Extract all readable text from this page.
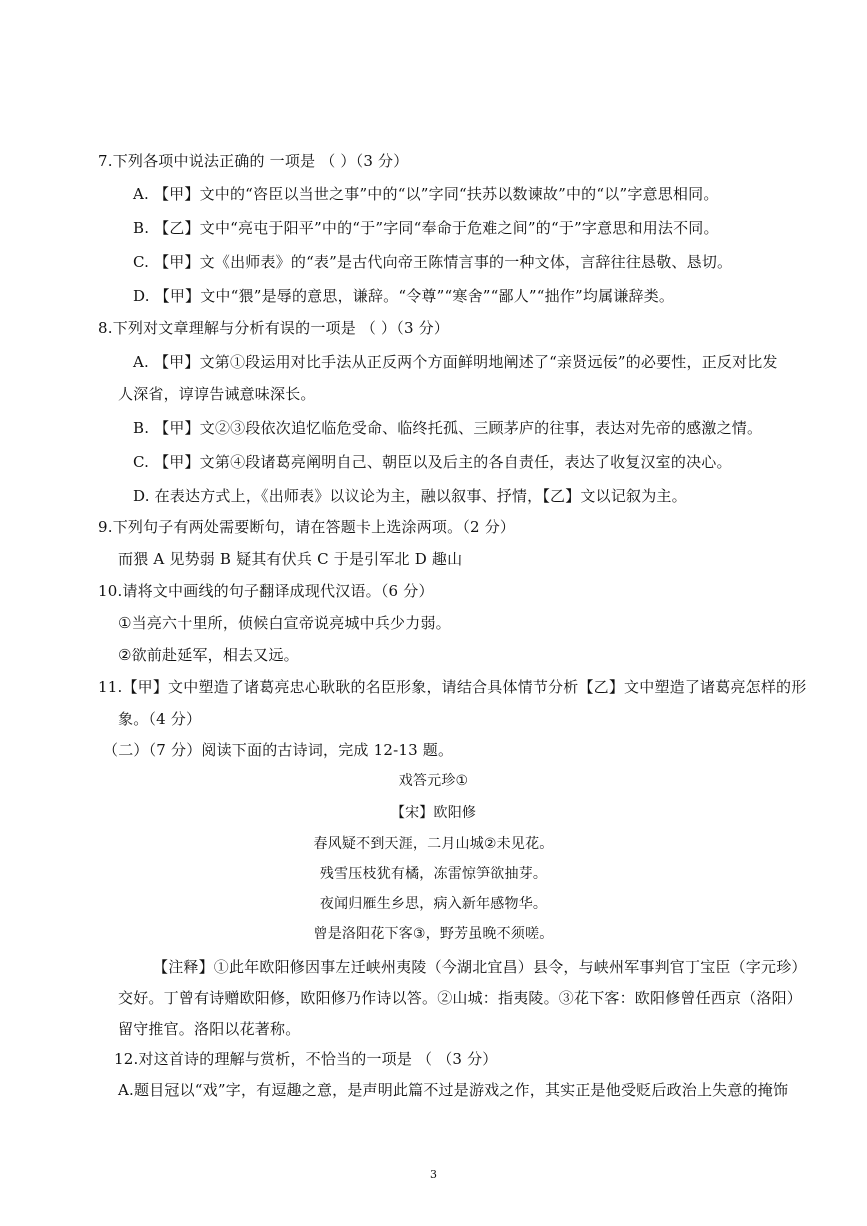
7.下列各项中说法正确的 一项是 （ ）（3 分）
A. 【甲】文中的“咨臣以当世之事”中的“以”字同“扶苏以数谏故”中的“以”字意思相同。
B. 【乙】文中“亮屯于阳平”中的“于”字同“奉命于危难之间”的“于”字意思和用法不同。
C. 【甲】文《出师表》的“表”是古代向帝王陈情言事的一种文体，言辞往往恳敬、恳切。
D. 【甲】文中“猥”是辱的意思，谦辞。“令尊”“寒舍”“鄙人”“拙作”均属谦辞类。
8.下列对文章理解与分析有误的一项是 （ ）（3 分）
A. 【甲】文第①段运用对比手法从正反两个方面鲜明地阐述了“亲贤远佞”的必要性，正反对比发
人深省，谆谆告诫意味深长。
B. 【甲】文②③段依次追忆临危受命、临终托孤、三顾茅庐的往事，表达对先帝的感激之情。
C. 【甲】文第④段诸葛亮阐明自己、朝臣以及后主的各自责任，表达了收复汉室的决心。
D. 在表达方式上，《出师表》以议论为主，融以叙事、抒情，【乙】文以记叙为主。
9.下列句子有两处需要断句，请在答题卡上选涂两项。（2 分）
而猥 A 见势弱 B 疑其有伏兵 C 于是引军北 D 趣山
10.请将文中画线的句子翻译成现代汉语。（6 分）
①当亮六十里所，侦候白宣帝说亮城中兵少力弱。
②欲前赴延军，相去又远。
11.【甲】文中塑造了诸葛亮忠心耿耿的名臣形象，请结合具体情节分析【乙】文中塑造了诸葛亮怎样的形
象。（4 分）
（二）（7 分）阅读下面的古诗词，完成 12-13 题。
戏答元珍①
【宋】欧阳修
春风疑不到天涯，二月山城②未见花。
残雪压枝犹有橘，冻雷惊笋欲抽芽。
夜闻归雁生乡思，病入新年感物华。
曾是洛阳花下客③，野芳虽晚不须嗟。
【注释】①此年欧阳修因事左迁峡州夷陵（今湖北宜昌）县令，与峡州军事判官丁宝臣（字元珍）
交好。丁曾有诗赠欧阳修，欧阳修乃作诗以答。②山城：指夷陵。③花下客：欧阳修曾任西京（洛阳）
留守推官。洛阳以花著称。
12.对这首诗的理解与赏析，不恰当的一项是 （ （3 分）
A.题目冠以“戏”字，有逗趣之意，是声明此篇不过是游戏之作，其实正是他受贬后政治上失意的掩饰
3
